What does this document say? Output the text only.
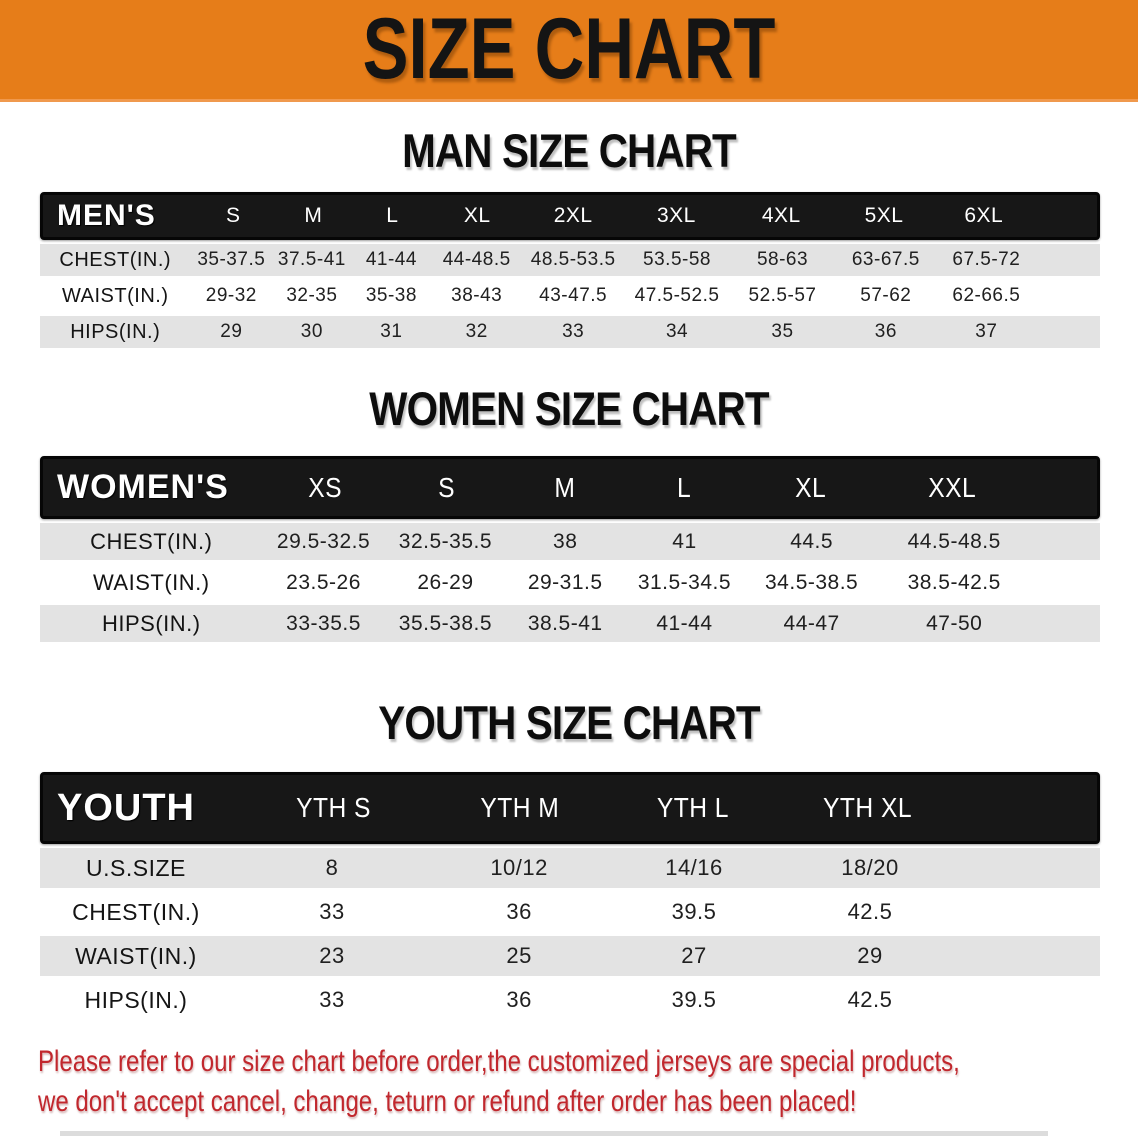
SIZE CHART
MAN SIZE CHART
MEN'S	S	M	L	XL	2XL	3XL	4XL	5XL	6XL
CHEST(IN.)	35-37.5 37.5-41	41-44	44-48.5	48.5-53.5	53.5-58	58-63	63-67.5	67.5-72
WAIST(IN.)	29-32	32-35	35-38	38-43	43-47.5	47.5-52.5	52.5-57	57-62	62-66.5
HIPS(IN.)	29	30	31	32	33	34	35	36	37
WOMEN SIZE CHART
WOMEN'S	XS	S	M	L	XL	XXL
CHEST(IN.)	29.5-32.5	32.5-35.5	38	41	44.5	44.5-48.5
WAIST(IN.)	23.5-26	26-29	29-31.5	31.5-34.5	34.5-38.5	38.5-42.5
HIPS(IN.)	33-35.5	35.5-38.5	38.5-41	41-44	44-47	47-50
YOUTH SIZE CHART
YOUTH	YTH S	YTH M	YTH L	YTH XL
U.S.SIZE	8	10/12	14/16	18/20
CHEST(IN.)	33	36	39.5	42.5
WAIST(IN.)	23	25	27	29
HIPS(IN.)	33	36	39.5	42.5
Please refer to our size chart before order,the customized jerseys are special products,
we don't accept cancel, change, teturn or refund after order has been placed!
